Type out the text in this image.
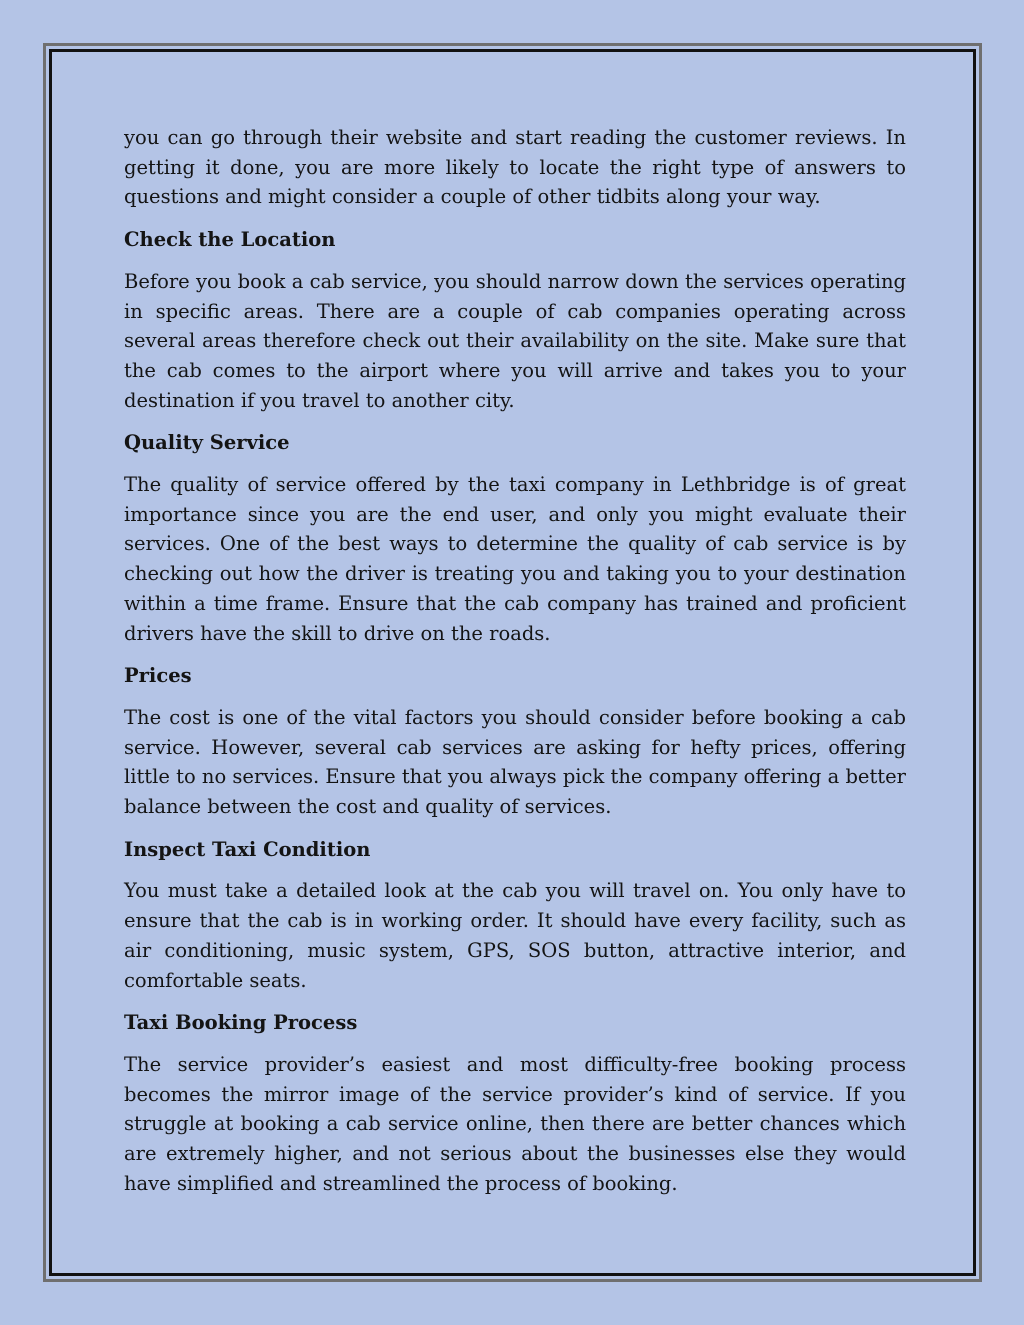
you can go through their website and start reading the customer reviews. In getting it done, you are more likely to locate the right type of answers to questions and might consider a couple of other tidbits along your way.

Check the Location

Before you book a cab service, you should narrow down the services operating in specific areas. There are a couple of cab companies operating across several areas therefore check out their availability on the site. Make sure that the cab comes to the airport where you will arrive and takes you to your destination if you travel to another city.

Quality Service

The quality of service offered by the taxi company in Lethbridge is of great importance since you are the end user, and only you might evaluate their services. One of the best ways to determine the quality of cab service is by checking out how the driver is treating you and taking you to your destination within a time frame. Ensure that the cab company has trained and proficient drivers have the skill to drive on the roads.

Prices

The cost is one of the vital factors you should consider before booking a cab service. However, several cab services are asking for hefty prices, offering little to no services. Ensure that you always pick the company offering a better balance between the cost and quality of services.

Inspect Taxi Condition

You must take a detailed look at the cab you will travel on. You only have to ensure that the cab is in working order. It should have every facility, such as air conditioning, music system, GPS, SOS button, attractive interior, and comfortable seats.

Taxi Booking Process

The service provider’s easiest and most difficulty-free booking process becomes the mirror image of the service provider’s kind of service. If you struggle at booking a cab service online, then there are better chances which are extremely higher, and not serious about the businesses else they would have simplified and streamlined the process of booking.
